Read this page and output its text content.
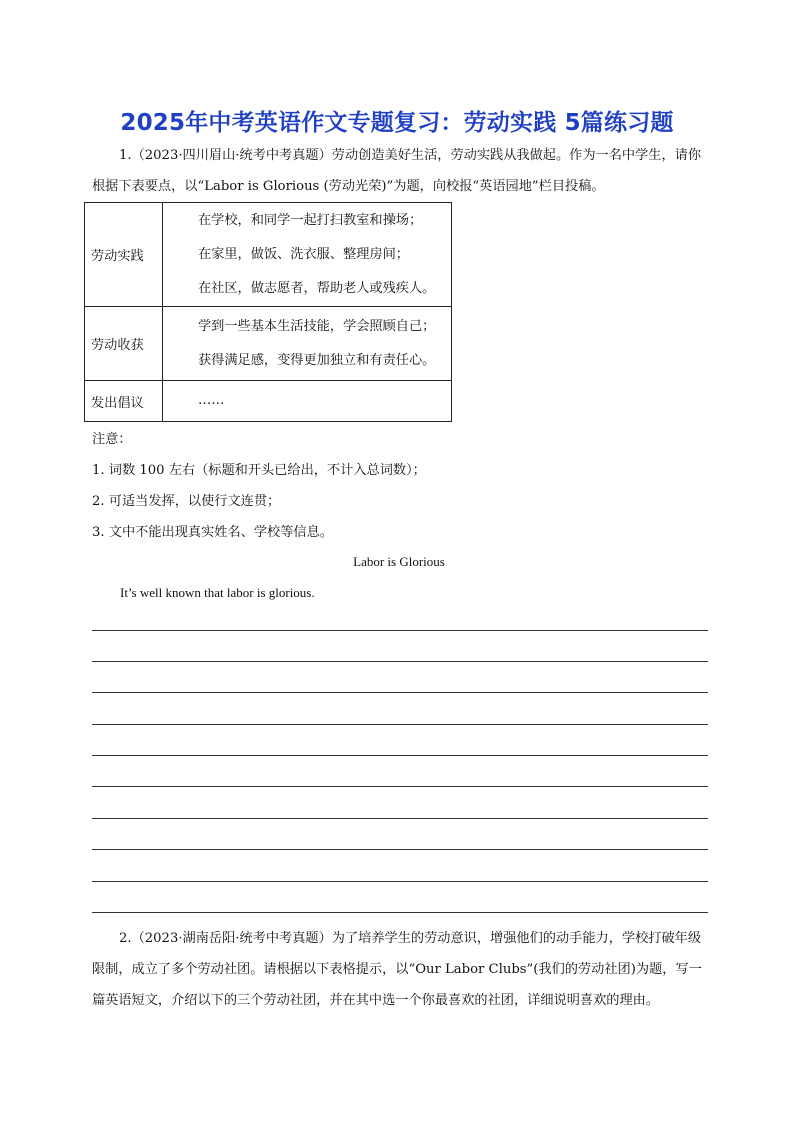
2025年中考英语作文专题复习：劳动实践 5篇练习题
1.（2023·四川眉山·统考中考真题）劳动创造美好生活，劳动实践从我做起。作为一名中学生，请你根据下表要点，以“Labor is Glorious (劳动光荣)”为题，向校报“英语园地”栏目投稿。
劳动实践	在学校，和同学一起打扫教室和操场；
在家里，做饭、洗衣服、整理房间；
在社区，做志愿者，帮助老人或残疾人。

劳动收获	学到一些基本生活技能，学会照顾自己；
获得满足感，变得更加独立和有责任心。

发出倡议	……
注意：
1. 词数 100 左右（标题和开头已给出，不计入总词数）；
2. 可适当发挥，以使行文连贯；
3. 文中不能出现真实姓名、学校等信息。
Labor is Glorious
It’s well known that labor is glorious.
2.（2023·湖南岳阳·统考中考真题）为了培养学生的劳动意识，增强他们的动手能力，学校打破年级限制，成立了多个劳动社团。请根据以下表格提示，以“Our Labor Clubs”(我们的劳动社团)为题，写一篇英语短文，介绍以下的三个劳动社团，并在其中选一个你最喜欢的社团，详细说明喜欢的理由。
